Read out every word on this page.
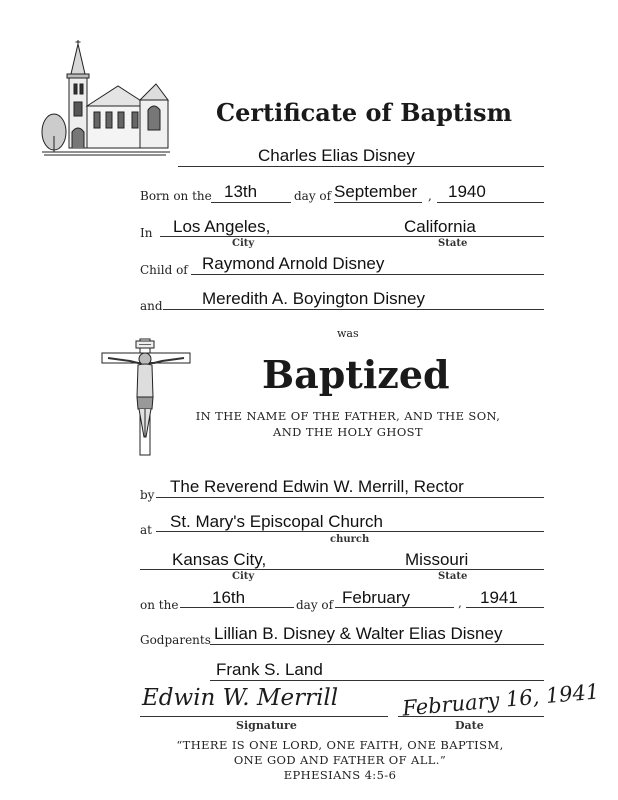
Certificate of Baptism
Charles Elias Disney
Born on the 13th	day of September , 1940
In Los Angeles,	California
City	State
Child of Raymond Arnold Disney
and Meredith A. Boyington Disney
was
Baptized
IN THE NAME OF THE FATHER, AND THE SON,
AND THE HOLY GHOST
by The Reverend Edwin W. Merrill, Rector
at St. Mary's Episcopal Church
church
Kansas City,	Missouri
City	State
on the 16th	day of February	, 1941
Godparents Lillian B. Disney & Walter Elias Disney
Frank S. Land
Edwin W. Merrill
Signature
February 16, 1941
Date
“THERE IS ONE LORD, ONE FAITH, ONE BAPTISM,
ONE GOD AND FATHER OF ALL.”
EPHESIANS 4:5-6
